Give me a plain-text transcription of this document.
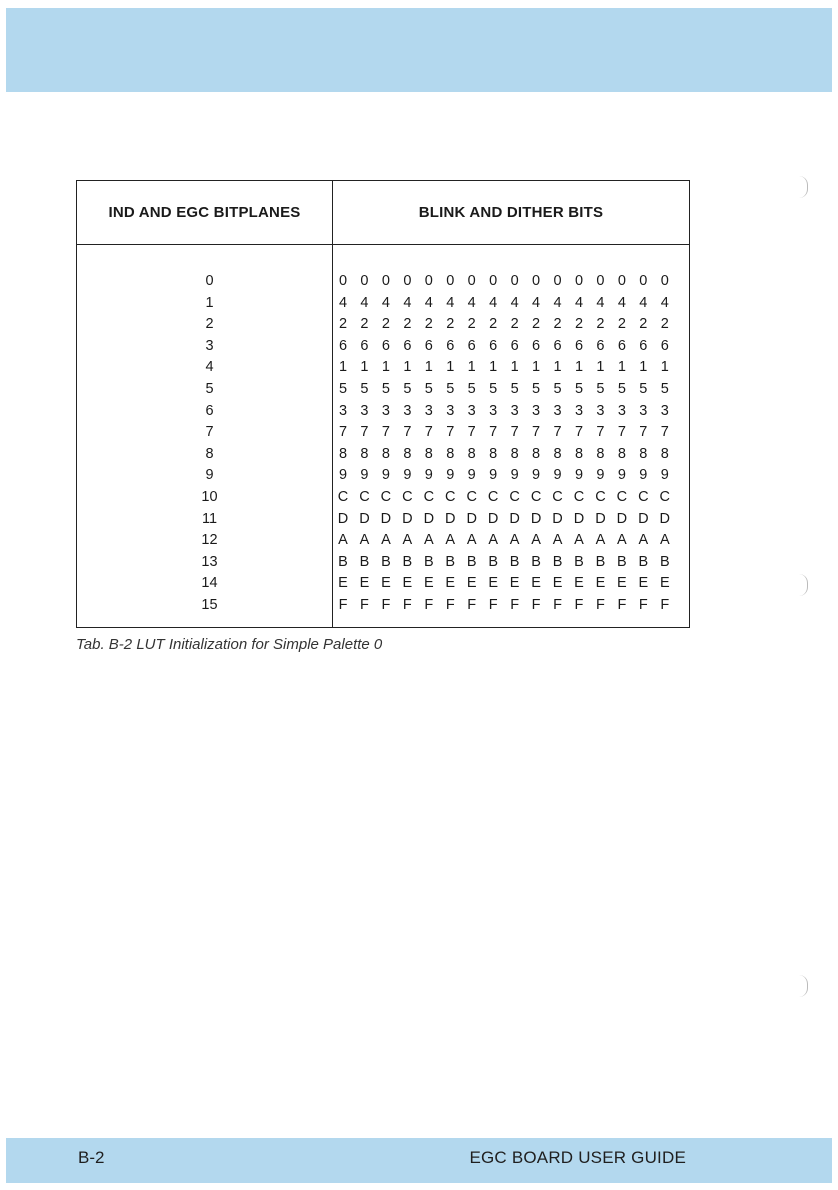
IND AND EGC BITPLANES	BLINK AND DITHER BITS
0
1
2
3
4
5
6
7
8
9
10
11
12
13
14
15
0 0 0 0 0 0 0 0 0 0 0 0 0 0 0 0
4 4 4 4 4 4 4 4 4 4 4 4 4 4 4 4
2 2 2 2 2 2 2 2 2 2 2 2 2 2 2 2
6 6 6 6 6 6 6 6 6 6 6 6 6 6 6 6
1 1 1 1 1 1 1 1 1 1 1 1 1 1 1 1
5 5 5 5 5 5 5 5 5 5 5 5 5 5 5 5
3 3 3 3 3 3 3 3 3 3 3 3 3 3 3 3
7 7 7 7 7 7 7 7 7 7 7 7 7 7 7 7
8 8 8 8 8 8 8 8 8 8 8 8 8 8 8 8
9 9 9 9 9 9 9 9 9 9 9 9 9 9 9 9
C C C C C C C C C C C C C C C C
D D D D D D D D D D D D D D D D
A A A A A A A A A A A A A A A A
B B B B B B B B B B B B B B B B
E E E E E E E E E E E E E E E E
F F F F F F F F F F F F F F F F
Tab. B-2 LUT Initialization for Simple Palette 0
B-2	EGC BOARD USER GUIDE
